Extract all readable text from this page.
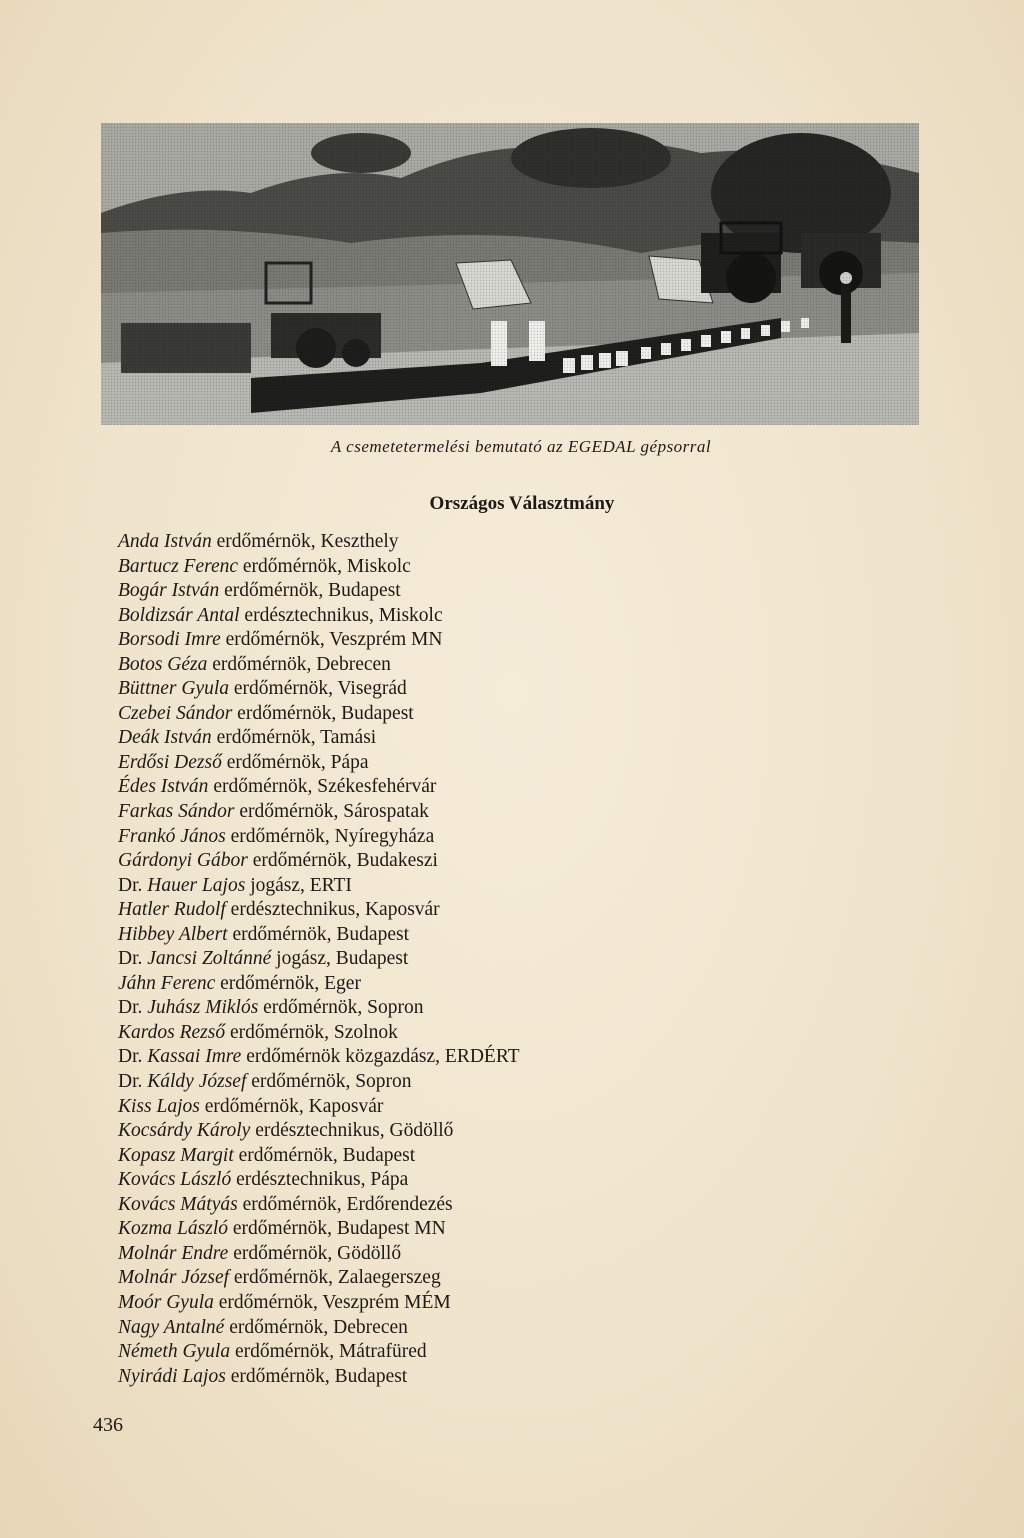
A csemetetermelési bemutató az EGEDAL gépsorral
Országos Választmány
Anda István erdőmérnök, Keszthely
Bartucz Ferenc erdőmérnök, Miskolc
Bogár István erdőmérnök, Budapest
Boldizsár Antal erdésztechnikus, Miskolc
Borsodi Imre erdőmérnök, Veszprém MN
Botos Géza erdőmérnök, Debrecen
Büttner Gyula erdőmérnök, Visegrád
Czebei Sándor erdőmérnök, Budapest
Deák István erdőmérnök, Tamási
Erdősi Dezső erdőmérnök, Pápa
Édes István erdőmérnök, Székesfehérvár
Farkas Sándor erdőmérnök, Sárospatak
Frankó János erdőmérnök, Nyíregyháza
Gárdonyi Gábor erdőmérnök, Budakeszi
Dr. Hauer Lajos jogász, ERTI
Hatler Rudolf erdésztechnikus, Kaposvár
Hibbey Albert erdőmérnök, Budapest
Dr. Jancsi Zoltánné jogász, Budapest
Jáhn Ferenc erdőmérnök, Eger
Dr. Juhász Miklós erdőmérnök, Sopron
Kardos Rezső erdőmérnök, Szolnok
Dr. Kassai Imre erdőmérnök közgazdász, ERDÉRT
Dr. Káldy József erdőmérnök, Sopron
Kiss Lajos erdőmérnök, Kaposvár
Kocsárdy Károly erdésztechnikus, Gödöllő
Kopasz Margit erdőmérnök, Budapest
Kovács László erdésztechnikus, Pápa
Kovács Mátyás erdőmérnök, Erdőrendezés
Kozma László erdőmérnök, Budapest MN
Molnár Endre erdőmérnök, Gödöllő
Molnár József erdőmérnök, Zalaegerszeg
Moór Gyula erdőmérnök, Veszprém MÉM
Nagy Antalné erdőmérnök, Debrecen
Németh Gyula erdőmérnök, Mátrafüred
Nyirádi Lajos erdőmérnök, Budapest
436
